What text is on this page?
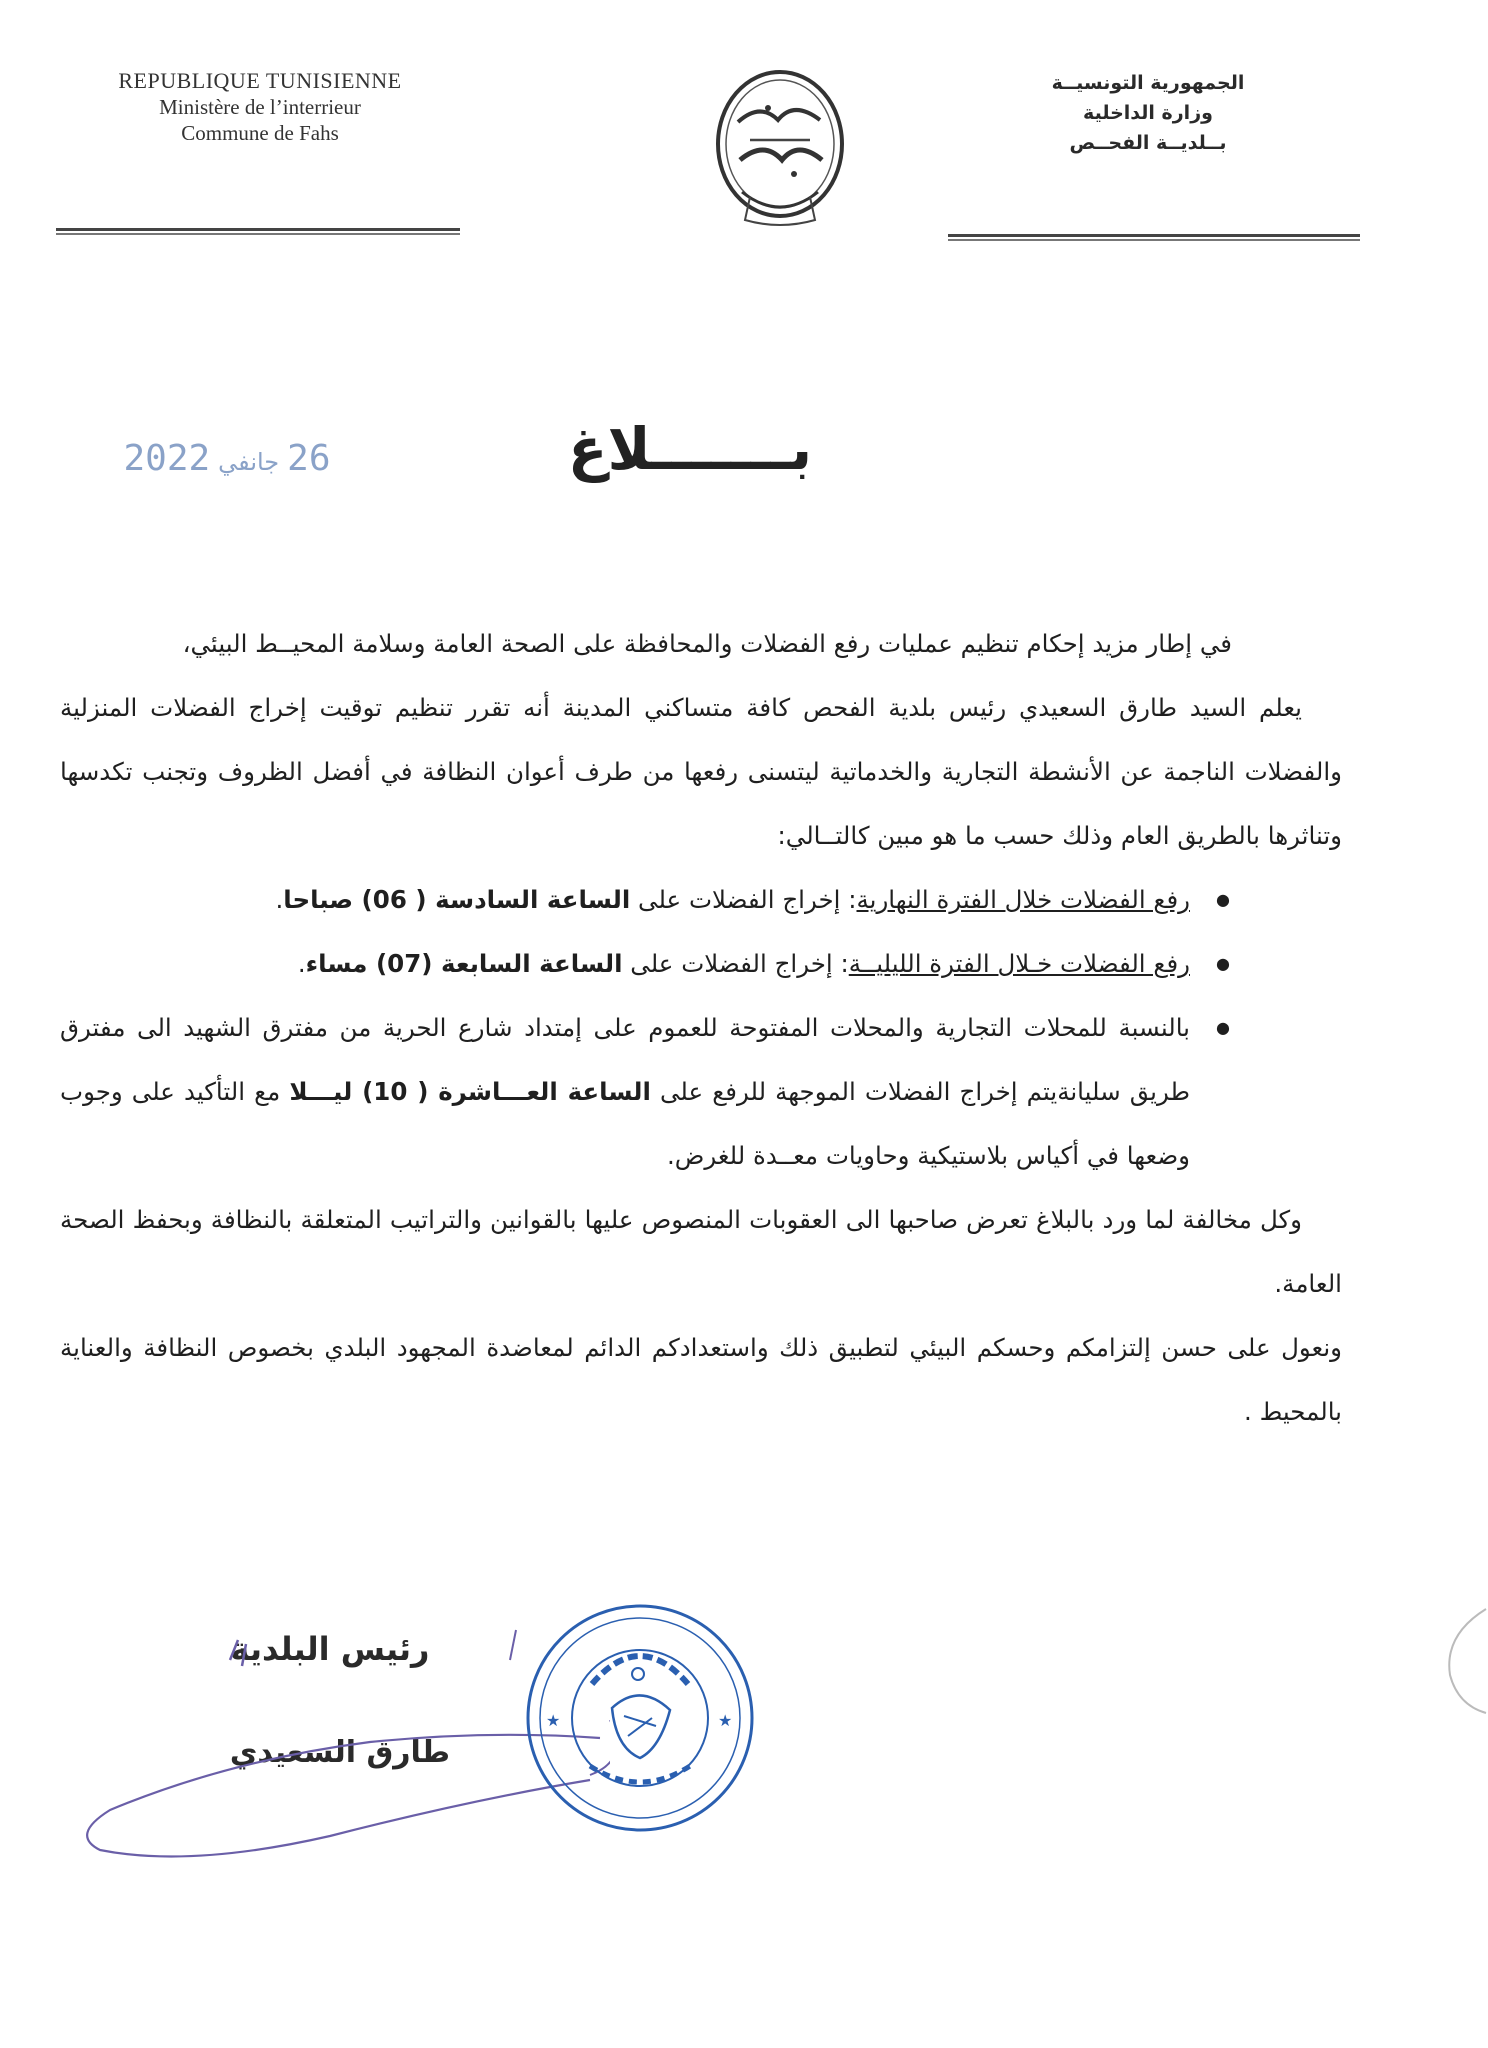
REPUBLIQUE TUNISIENNE
Ministère de l’interrieur
Commune de Fahs
الجمهورية التونسيــة
وزارة الداخلية
بــلديــة الفحــص
26جانفي2022	بـــــــلاغ

في إطار مزيد إحكام تنظيم عمليات رفع الفضلات والمحافظة على الصحة العامة وسلامة المحيــط البيئي،

يعلم السيد طارق السعيدي رئيس بلدية الفحص كافة متساكني المدينة أنه تقرر تنظيم توقيت إخراج الفضلات المنزلية والفضلات الناجمة عن الأنشطة التجارية والخدماتية ليتسنى رفعها من طرف أعوان النظافة في أفضل الظروف وتجنب تكدسها وتناثرها بالطريق العام وذلك حسب ما هو مبين كالتــالي:

● رفع الفضلات خلال الفترة النهارية: إخراج الفضلات على الساعة السادسة ( 06) صباحا.
● رفع الفضلات خـلال الفترة الليليــة: إخراج الفضلات على الساعة السابعة (07) مساء.
● بالنسبة للمحلات التجارية والمحلات المفتوحة للعموم على إمتداد شارع الحرية من مفترق الشهيد الى مفترق طريق سليانةيتم إخراج الفضلات الموجهة للرفع على الساعة العـــاشرة ( 10) ليـــلا مع التأكيد على وجوب وضعها في أكياس بلاستيكية وحاويات معــدة للغرض.

وكل مخالفة لما ورد بالبلاغ تعرض صاحبها الى العقوبات المنصوص عليها بالقوانين والتراتيب المتعلقة بالنظافة وبحفظ الصحة العامة.

ونعول على حسن إلتزامكم وحسكم البيئي لتطبيق ذلك واستعدادكم الدائم لمعاضدة المجهود البلدي بخصوص النظافة والعناية بالمحيط .

رئيس البلدية
طارق السعيدي
★	★
